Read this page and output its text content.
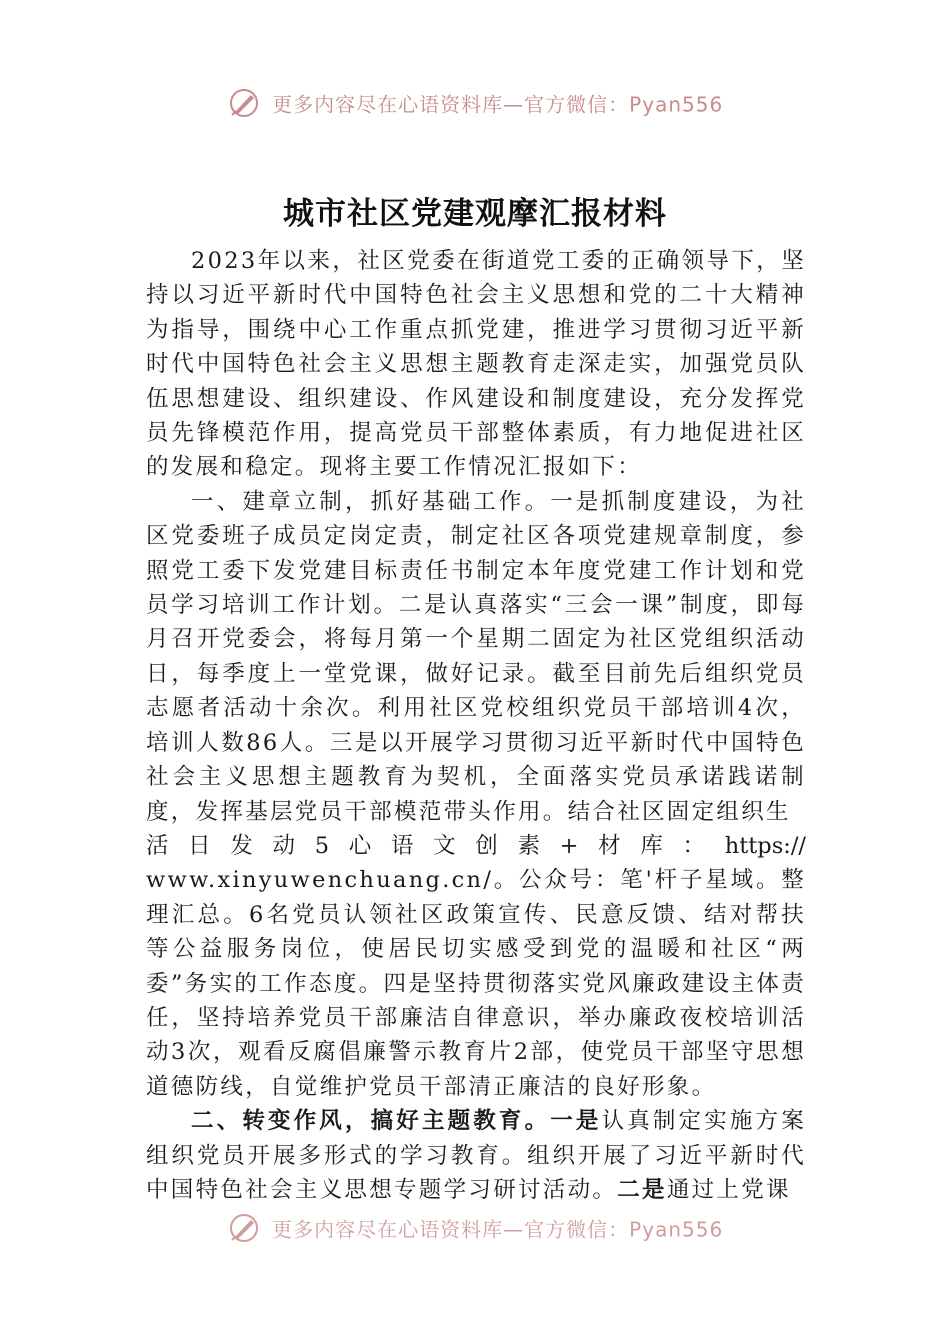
更多内容尽在心语资料库—官方微信：Pyan556
城市社区党建观摩汇报材料

2023年以来，社区党委在街道党工委的正确领导下，坚持以习近平新时代中国特色社会主义思想和党的二十大精神为指导，围绕中心工作重点抓党建，推进学习贯彻习近平新时代中国特色社会主义思想主题教育走深走实，加强党员队伍思想建设、组织建设、作风建设和制度建设，充分发挥党员先锋模范作用，提高党员干部整体素质，有力地促进社区的发展和稳定。现将主要工作情况汇报如下：

一、建章立制，抓好基础工作。一是抓制度建设，为社区党委班子成员定岗定责，制定社区各项党建规章制度，参照党工委下发党建目标责任书制定本年度党建工作计划和党员学习培训工作计划。二是认真落实“三会一课”制度，即每月召开党委会，将每月第一个星期二固定为社区党组织活动日，每季度上一堂党课，做好记录。截至目前先后组织党员志愿者活动十余次。利用社区党校组织党员干部培训4次，培训人数86人。三是以开展学习贯彻习近平新时代中国特色社会主义思想主题教育为契机，全面落实党员承诺践诺制度，发挥基层党员干部模范带头作用。结合社区固定组织生

活日发动5心语文创素+材库：https://
www.xinyuwenchuang.cn/。公众号：笔'杆子星域。整理汇总。6名党员认领社区政策宣传、民意反馈、结对帮扶等公益服务岗位，使居民切实感受到党的温暖和社区“两委”务实的工作态度。四是坚持贯彻落实党风廉政建设主体责任，坚持培养党员干部廉洁自律意识，举办廉政夜校培训活动3次，观看反腐倡廉警示教育片2部，使党员干部坚守思想道德防线，自觉维护党员干部清正廉洁的良好形象。

二、转变作风，搞好主题教育。一是认真制定实施方案组织党员开展多形式的学习教育。组织开展了习近平新时代中国特色社会主义思想专题学习研讨活动。二是通过上党课

更多内容尽在心语资料库—官方微信：Pyan556
